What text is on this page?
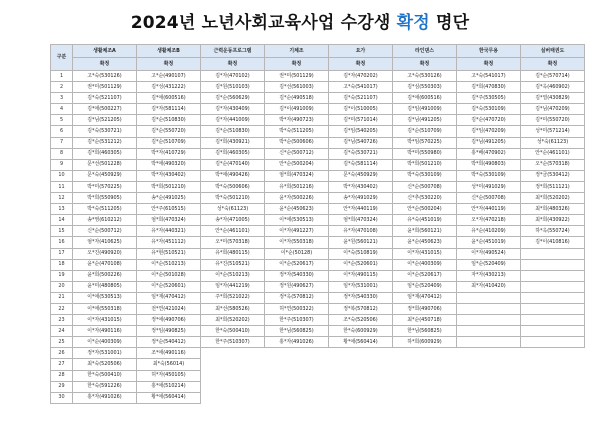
2024년 노년사회교육사업 수강생 확정 명단
구분	생활체조A	생활체조B	근력운동프로그램	기체조	요가	라인댄스	한국무용	실버태권도
	확정	확정	확정	확정	확정	확정	확정	확정
1	고*숙(530126)	고*순(490107)	김*자(470102)	권*미(501129)	김*자(470202)	고*숙(530126)	고*숙(541017)	김*순(570714)
2	권*미(501129)	김*성(431222)	김*원(510103)	김*선(561003)	고*숙(541017)	김*심(550303)	김*희(470830)	김*옥(460902)
3	김*숙(521107)	김*애(600516)	김*순(560629)	김*순(490518)	김*숙(521107)	김*애(600516)	김*주(530505)	김*열(430829)
4	김*애(500227)	김*자(581114)	김*자(430409)	김*이(491009)	김*이(510005)	김*임(491009)	김*숙(530109)	김*님(470209)
5	김*님(521205)	김*순(510830)	김*자(441009)	박*자(490723)	김*미(571014)	김*님(491205)	김*순(470720)	김*미(550720)
6	김*숙(530721)	김*순(550720)	김*순(510830)	박*숙(511205)	김*임(540205)	김*순(510709)	김*임(470209)	성*미(571214)
7	김*순(531212)	김*순(510709)	김*희(430921)	박*순(500606)	김*님(540726)	박*임(570225)	김*님(491205)	성*숙(61123)
8	김*희(460305)	박*자(410729)	김*희(460305)	신*순(500712)	김*숙(530721)	박*미(550980)	홍*배(470902)	안*순(461101)
9	문*선(501228)	박*애(490320)	김*순(470140)	안*순(500204)	김*숙(581114)	박*희(501210)	박*희(490803)	오*순(570318)
10	문*숙(450929)	박*자(430402)	박*애(490426)	엄*희(470324)	문*숙(450929)	박*숙(530109)	박*숙(530109)	정*금(530412)
11	박*미(570225)	박*희(501210)	박*숙(500606)	유*희(501216)	박*자(430402)	신*순(500708)	성*미(491029)	정*희(511121)
12	박*희(550905)	송*순(491025)	박*숙(501210)	윤*자(500226)	송*자(491029)	신*추(530220)	신*순(500708)	최*희(520202)
13	박*숙(511205)	안*주(610515)	성*숙(61123)	윤*순(450623)	안*자(440119)	안*순(500204)	안*자(440119)	최*희(480326)
14	송*영(610212)	엄*희(470324)	송*자(471005)	이*애(530513)	엄*희(470324)	유*숙(451019)	오*자(470218)	최*희(430922)
15	신*순(500712)	유*자(440321)	안*순(461101)	이*자(491227)	유*자(470108)	윤*희(560121)	유*순(410209)	하*옥(550724)
16	엄*자(410625)	유*자(451112)	오*미(570318)	이*자(550318)	윤*원(560121)	윤*순(450623)	윤*순(451019)	김*이(410816)
17	오*진(490920)	유*현(510521)	유*희(480115)	이*순(50128)	이*숙(510819)	이*자(431015)	이*자(490524)	
18	윤*순(470108)	이*순(510213)	유*진(510521)	이*순(520617)	이*순(520601)	이*순(400309)	임*순(520409)	
19	윤*희(500226)	이*순(501028)	이*순(510213)	정*자(540330)	이*자(490115)	이*순(520617)	자*자(430213)	
20	윤*미(480805)	이*순(520601)	임*자(441219)	정*원(490627)	임*자(531001)	임*순(520409)	최*자(410420)	
21	이*애(530513)	임*재(470412)	주*희(521022)	정*옥(570812)	정*자(540330)	임*재(470412)		
22	이*애(550318)	전*연(421024)	최*선(580526)	허*연(500322)	정*복(570812)	정*희(490706)		
23	이*자(431015)	정*애(490706)	최*희(520202)	한*주(510307)	조*숙(520506)	최*순(450718)		
24	이*자(490116)	정*임(490825)	한*숙(500410)	한*님(560825)	한*숙(600929)	한*님(560825)		
25	이*순(400309)	정*순(540412)	한*주(510307)	홍*자(491026)	황*애(560414)	하*희(600929)		
26	정*자(531001)	조*애(490116)						
27	최*숙(520506)	최*숙(56014)						
28	한*숙(500410)	허*자(450105)						
29	한*숙(591226)	홍*애(510214)						
30	홍*자(491026)	황*애(560414)						
